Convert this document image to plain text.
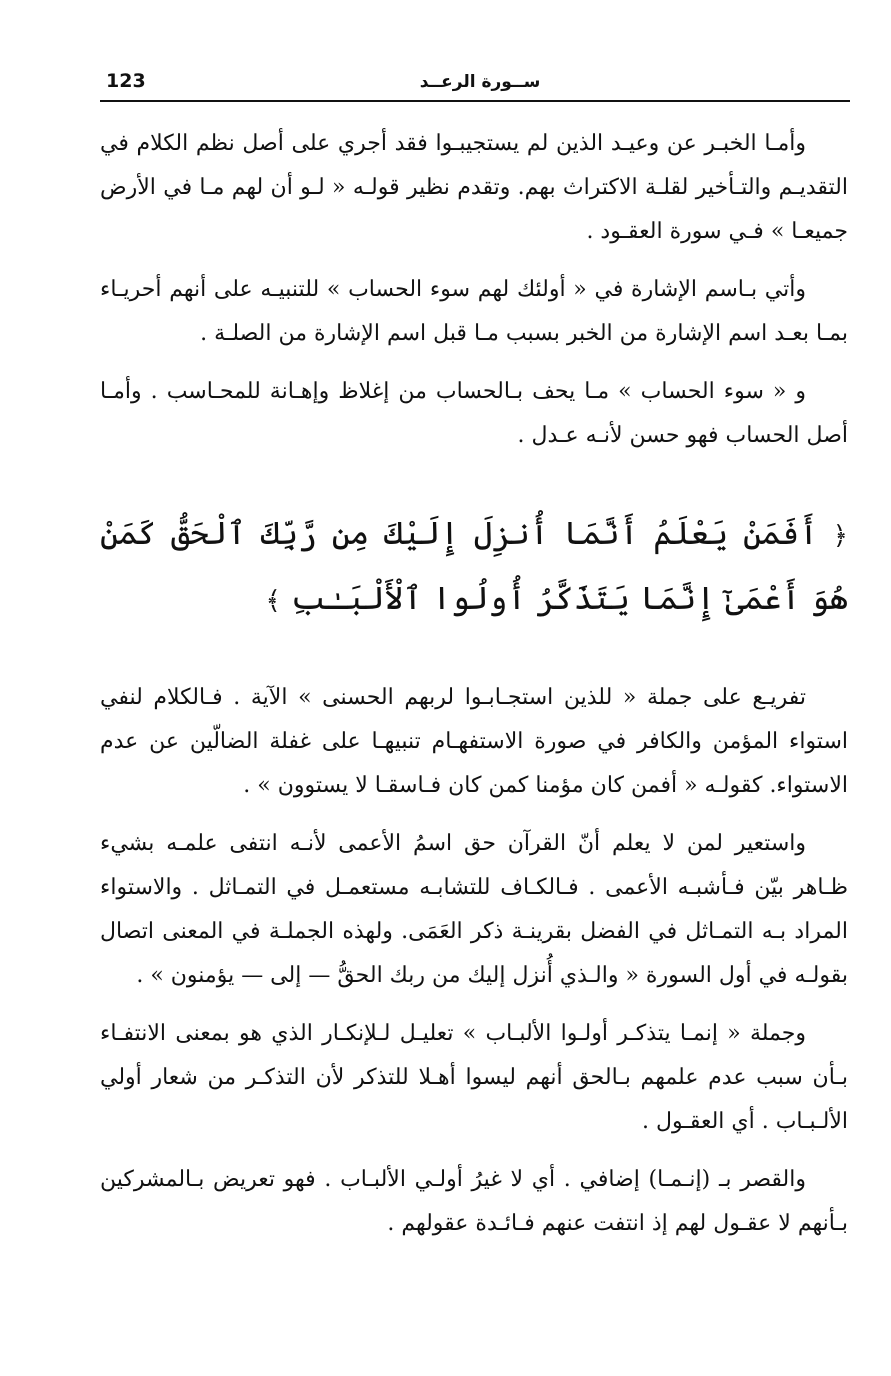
123	ســورة الرعــد

وأمـا الخبـر عن وعيـد الذين لم يستجيبـوا فقد أجري على أصل نظم الكلام في التقديـم والتـأخير لقلـة الاكتراث بهم. وتقدم نظير قولـه « لـو أن لهم مـا في الأرض جميعـا » فـي سورة العقـود .

وأتي بـاسم الإشارة في « أولئك لهم سوء الحساب » للتنبيـه على أنهم أحريـاء بمـا بعـد اسم الإشارة من الخبر بسبب مـا قبل اسم الإشارة من الصلـة .

و « سوء الحساب » مـا يحف بـالحساب من إغلاظ وإهـانة للمحـاسب . وأمـا أصل الحساب فهو حسن لأنـه عـدل .

﴿ أَفَمَنْ يَعْلَمُ أَنَّمَا أُنزِلَ إِلَيْكَ مِن رَّبِّكَ ٱلْحَقُّ كَمَنْ هُوَ أَعْمَىٰٓ إِنَّمَا يَتَذَكَّرُ أُولُوا ٱلْأَلْبَـٰبِ ﴾

تفريـع على جملة « للذين استجـابـوا لربهم الحسنى » الآية . فـالكلام لنفي استواء المؤمن والكافر في صورة الاستفهـام تنبيهـا على غفلة الضالّين عن عدم الاستواء. كقولـه « أفمن كان مؤمنا كمن كان فـاسقـا لا يستوون » .

واستعير لمن لا يعلم أنّ القرآن حق اسمُ الأعمى لأنـه انتفى علمـه بشيء ظـاهر بيّن فـأشبـه الأعمى . فـالكـاف للتشابـه مستعمـل في التمـاثل . والاستواء المراد بـه التمـاثل في الفضل بقرينـة ذكر العَمَى. ولهذه الجملـة في المعنى اتصال بقولـه في أول السورة « والـذي أُنزل إليك من ربك الحقُّ — إلى — يؤمنون » .

وجملة « إنمـا يتذكـر أولـوا الألبـاب » تعليـل لـلإنكـار الذي هو بمعنى الانتفـاء بـأن سبب عدم علمهم بـالحق أنهم ليسوا أهـلا للتذكر لأن التذكـر من شعار أولي الألـبـاب . أي العقـول .

والقصر بـ (إنـمـا) إضافي . أي لا غيرُ أولـي الألبـاب . فهو تعريض بـالمشركين بـأنهم لا عقـول لهم إذ انتفت عنهم فـائـدة عقولهم .
